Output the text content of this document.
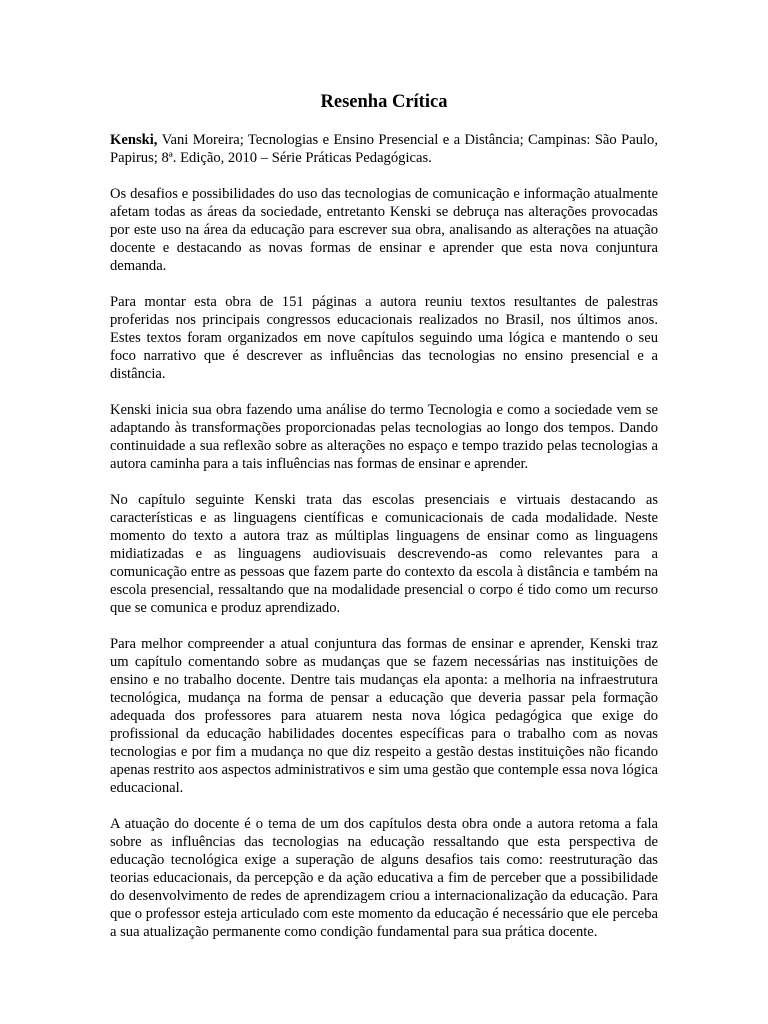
Resenha Crítica

Kenski, Vani Moreira; Tecnologias e Ensino Presencial e a Distância; Campinas: São Paulo, Papirus; 8ª. Edição, 2010 – Série Práticas Pedagógicas.

Os desafios e possibilidades do uso das tecnologias de comunicação e informação atualmente afetam todas as áreas da sociedade, entretanto Kenski se debruça nas alterações provocadas por este uso na área da educação para escrever sua obra, analisando as alterações na atuação docente e destacando as novas formas de ensinar e aprender que esta nova conjuntura demanda.

Para montar esta obra de 151 páginas a autora reuniu textos resultantes de palestras proferidas nos principais congressos educacionais realizados no Brasil, nos últimos anos. Estes textos foram organizados em nove capítulos seguindo uma lógica e mantendo o seu foco narrativo que é descrever as influências das tecnologias no ensino presencial e a distância.

Kenski inicia sua obra fazendo uma análise do termo Tecnologia e como a sociedade vem se adaptando às transformações proporcionadas pelas tecnologias ao longo dos tempos. Dando continuidade a sua reflexão sobre as alterações no espaço e tempo trazido pelas tecnologias a autora caminha para a tais influências nas formas de ensinar e aprender.

No capítulo seguinte Kenski trata das escolas presenciais e virtuais destacando as características e as linguagens científicas e comunicacionais de cada modalidade. Neste momento do texto a autora traz as múltiplas linguagens de ensinar como as linguagens midiatizadas e as linguagens audiovisuais descrevendo-as como relevantes para a comunicação entre as pessoas que fazem parte do contexto da escola à distância e também na escola presencial, ressaltando que na modalidade presencial o corpo é tido como um recurso que se comunica e produz aprendizado.

Para melhor compreender a atual conjuntura das formas de ensinar e aprender, Kenski traz um capítulo comentando sobre as mudanças que se fazem necessárias nas instituições de ensino e no trabalho docente. Dentre tais mudanças ela aponta: a melhoria na infraestrutura tecnológica, mudança na forma de pensar a educação que deveria passar pela formação adequada dos professores para atuarem nesta nova lógica pedagógica que exige do profissional da educação habilidades docentes específicas para o trabalho com as novas tecnologias e por fim a mudança no que diz respeito a gestão destas instituições não ficando apenas restrito aos aspectos administrativos e sim uma gestão que contemple essa nova lógica educacional.

A atuação do docente é o tema de um dos capítulos desta obra onde a autora retoma a fala sobre as influências das tecnologias na educação ressaltando que esta perspectiva de educação tecnológica exige a superação de alguns desafios tais como: reestruturação das teorias educacionais, da percepção e da ação educativa a fim de perceber que a possibilidade do desenvolvimento de redes de aprendizagem criou a internacionalização da educação. Para que o professor esteja articulado com este momento da educação é necessário que ele perceba a sua atualização permanente como condição fundamental para sua prática docente.
